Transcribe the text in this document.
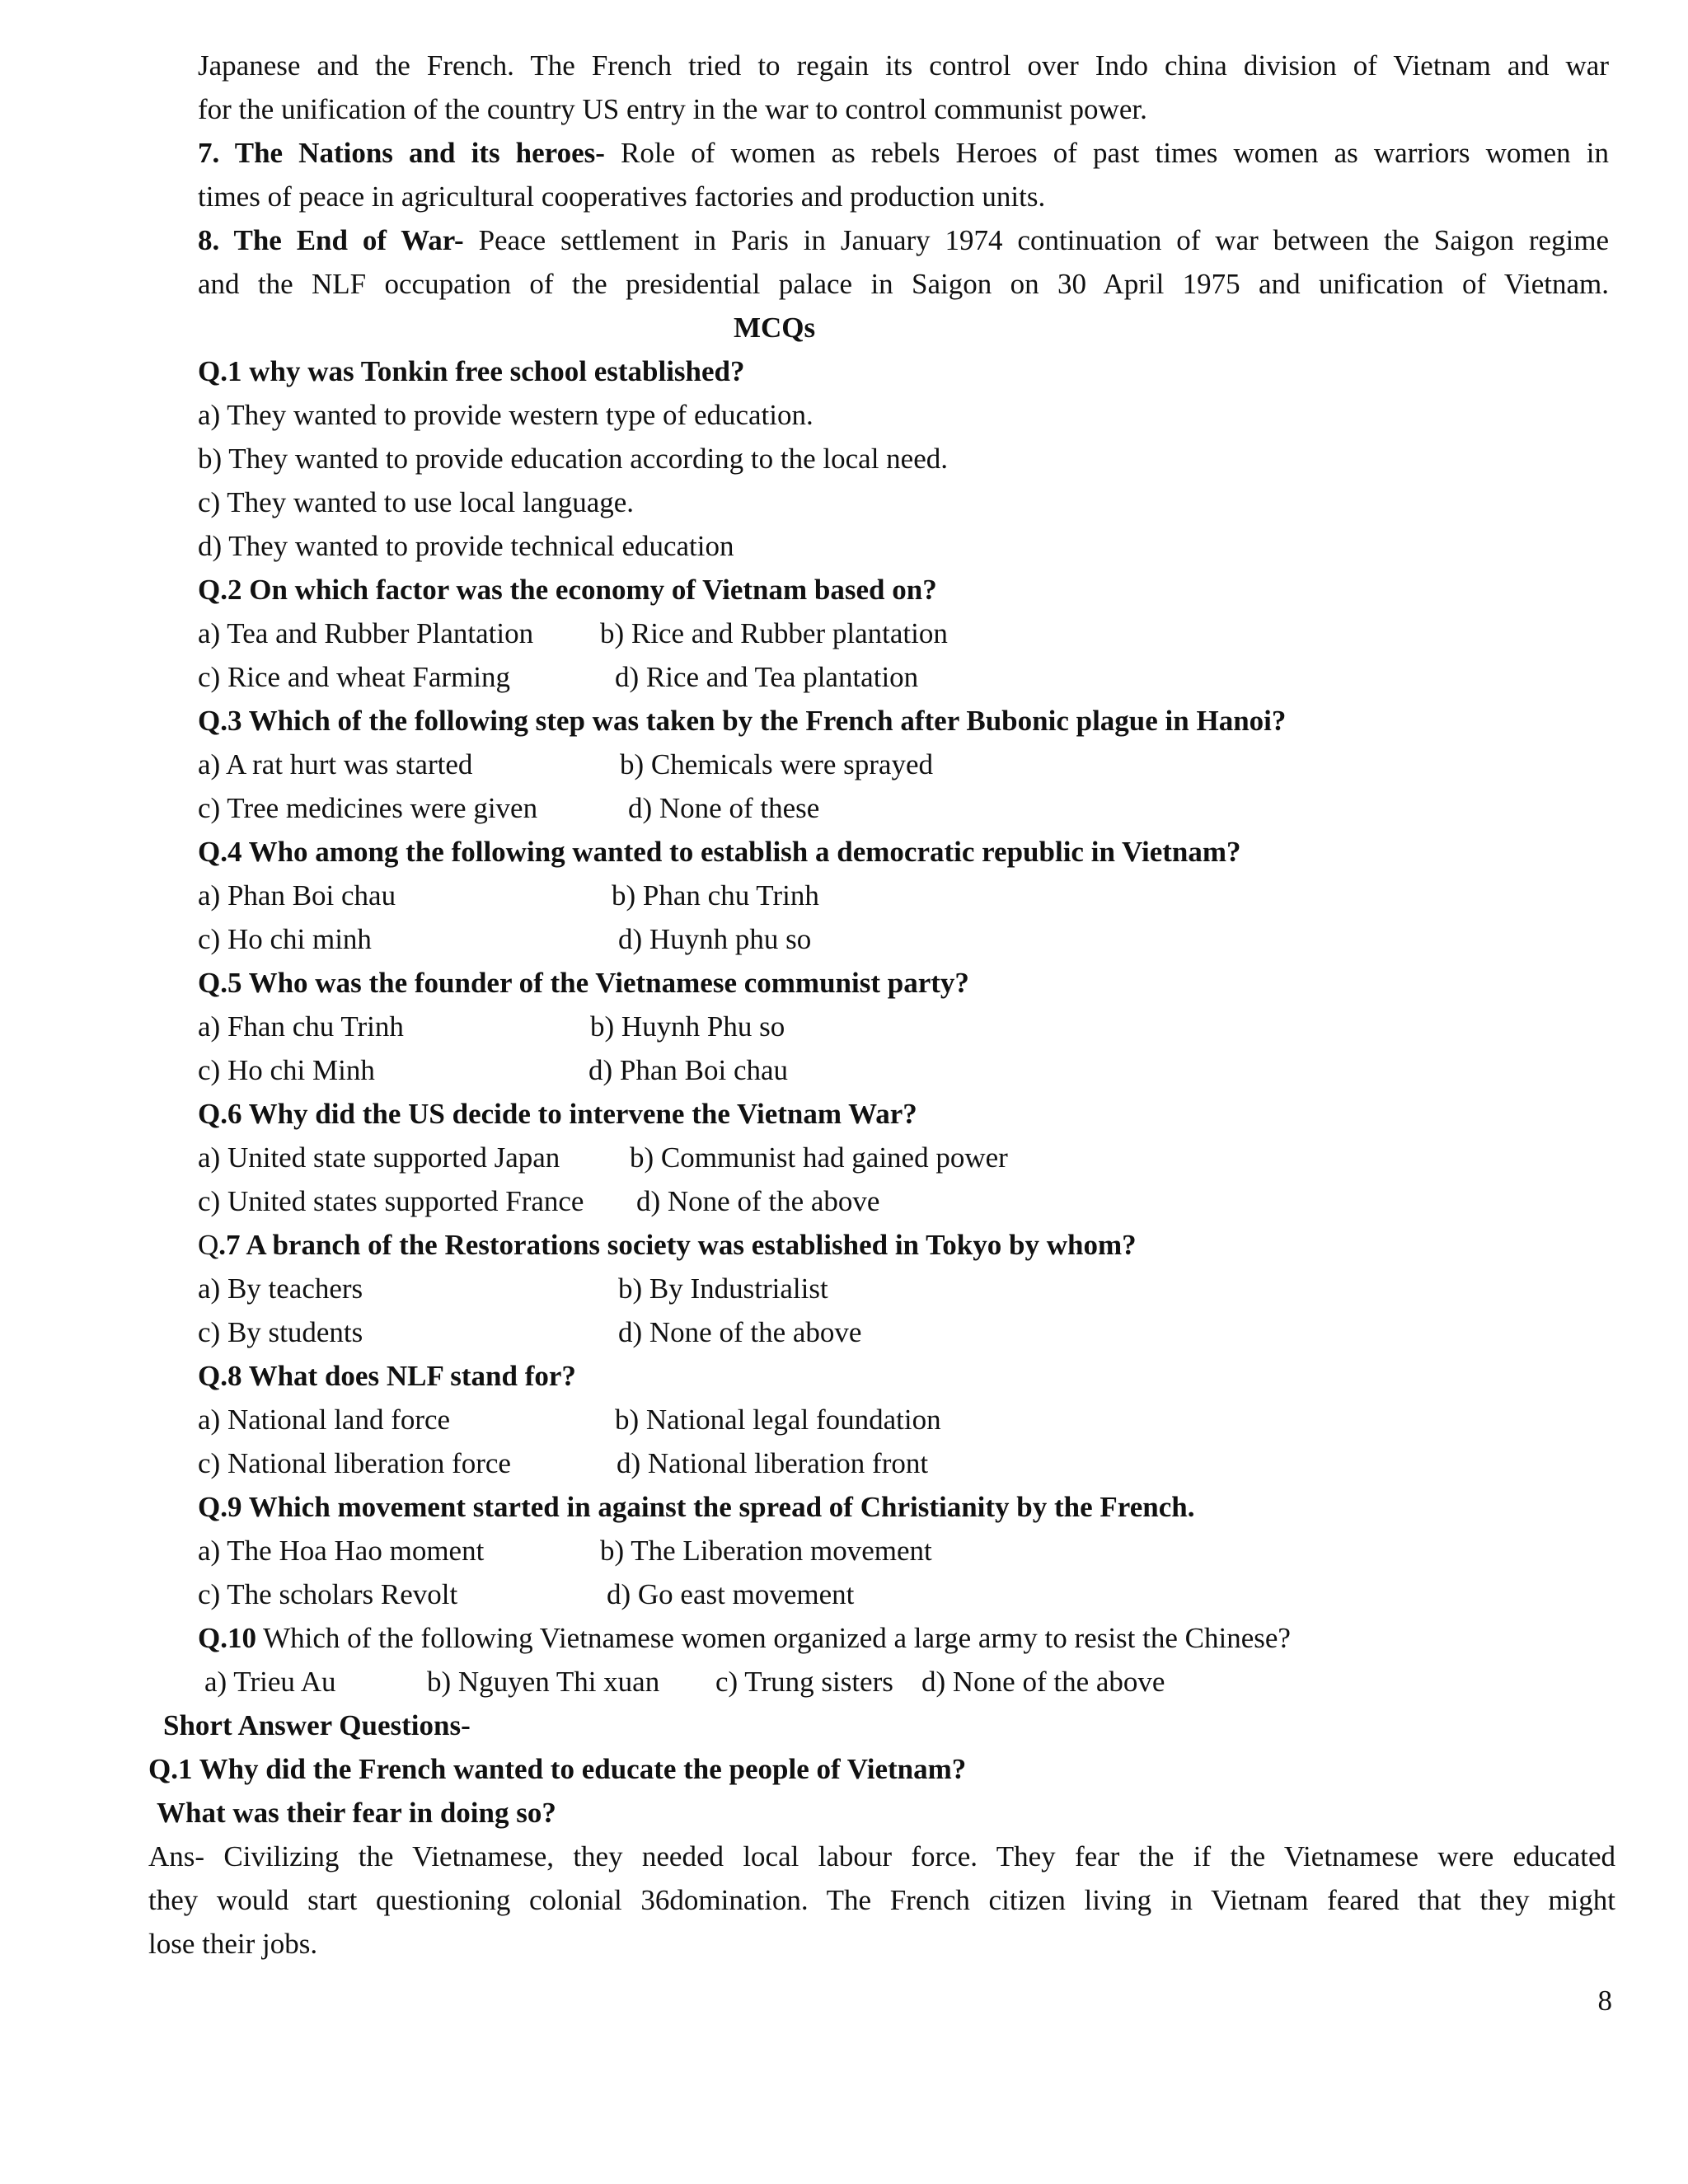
Japanese and the French. The French tried to regain its control over Indo china division of Vietnam and war
for the unification of the country US entry in the war to control communist power.
7. The Nations and its heroes- Role of women as rebels Heroes of past times women as warriors women in
times of peace in agricultural cooperatives factories and production units.
8. The End of War- Peace settlement in Paris in January 1974 continuation of war between the Saigon regime
and the NLF occupation of the presidential palace in Saigon on 30 April 1975 and unification of Vietnam.
MCQs
Q.1 why was Tonkin free school established?
a) They wanted to provide western type of education.
b) They wanted to provide education according to the local need.
c) They wanted to use local language.
d) They wanted to provide technical education
Q.2 On which factor was the economy of Vietnam based on?
a) Tea and Rubber Plantation b) Rice and Rubber plantation
c) Rice and wheat Farming	d) Rice and Tea plantation
Q.3 Which of the following step was taken by the French after Bubonic plague in Hanoi?
a) A rat hurt was started	b) Chemicals were sprayed
c) Tree medicines were given	d) None of these
Q.4 Who among the following wanted to establish a democratic republic in Vietnam?
a) Phan Boi chau	b) Phan chu Trinh
c) Ho chi minh	d) Huynh phu so
Q.5 Who was the founder of the Vietnamese communist party?
a) Fhan chu Trinh	b) Huynh Phu so
c) Ho chi Minh	d) Phan Boi chau
Q.6 Why did the US decide to intervene the Vietnam War?
a) United state supported Japan b) Communist had gained power
c) United states supported France d) None of the above
Q.7 A branch of the Restorations society was established in Tokyo by whom?
a) By teachers	b) By Industrialist
c) By students	d) None of the above
Q.8 What does NLF stand for?
a) National land force	b) National legal foundation
c) National liberation force	d) National liberation front
Q.9 Which movement started in against the spread of Christianity by the French.
a) The Hoa Hao moment	b) The Liberation movement
c) The scholars Revolt	d) Go east movement
Q.10 Which of the following Vietnamese women organized a large army to resist the Chinese?
a) Trieu Au	b) Nguyen Thi xuan c) Trung sisters d) None of the above
Short Answer Questions-
Q.1 Why did the French wanted to educate the people of Vietnam?
What was their fear in doing so?
Ans- Civilizing the Vietnamese, they needed local labour force. They fear the if the Vietnamese were educated
they would start questioning colonial 36domination. The French citizen living in Vietnam feared that they might
lose their jobs.
8
